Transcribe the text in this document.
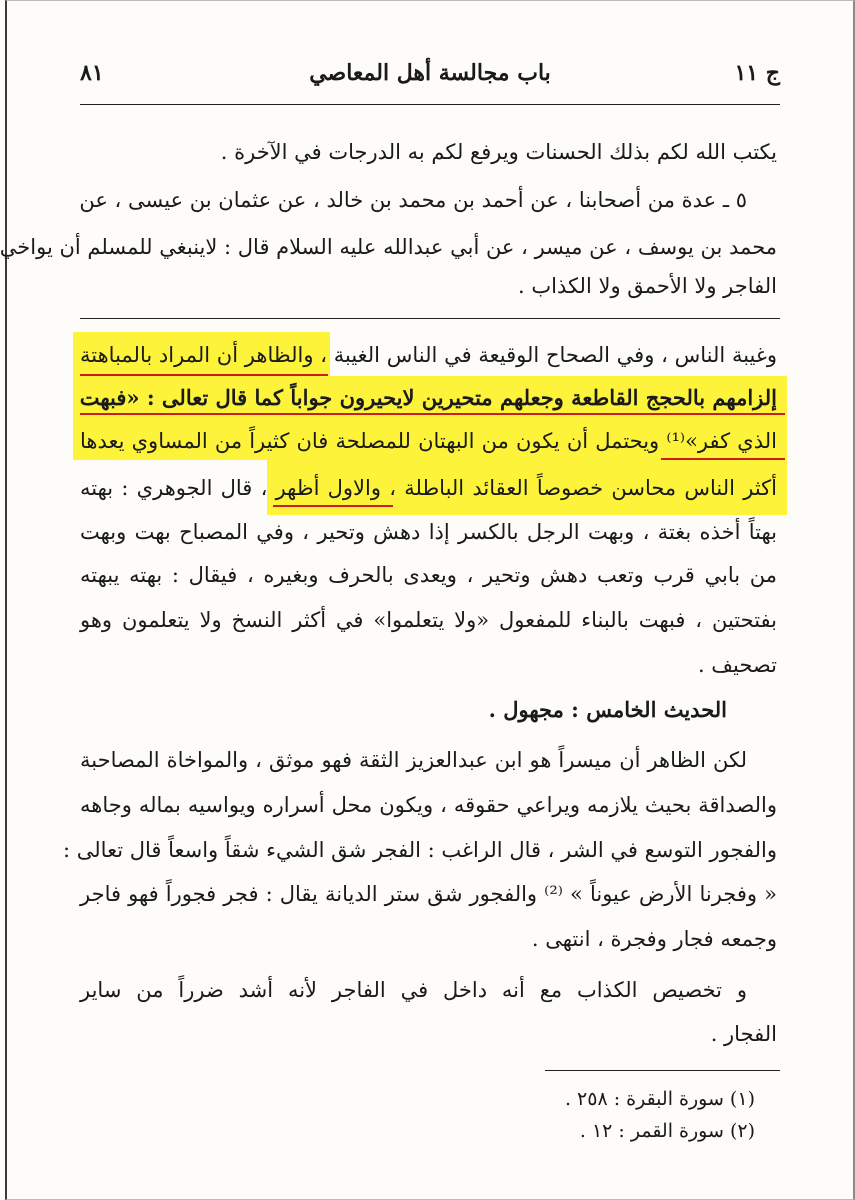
ج ١١
باب مجالسة أهل المعاصي
٨١
يكتب الله لكم بذلك الحسنات ويرفع لكم به الدرجات في الآخرة .
٥ ـ عدة من أصحابنا ، عن أحمد بن محمد بن خالد ، عن عثمان بن عيسى ، عن
محمد بن يوسف ، عن ميسر ، عن أبي عبدالله عليه السلام قال : لاينبغي للمسلم أن يواخي
الفاجر ولا الأحمق ولا الكذاب .
وغيبة الناس ، وفي الصحاح الوقيعة في الناس الغيبة ، والظاهر أن المراد بالمباهتة
إلزامهم بالحجج القاطعة وجعلهم متحيرين لايحيرون جواباً كما قال تعالى : «فبهت
الذي كفر»⁽¹⁾ ويحتمل أن يكون من البهتان للمصلحة فان كثيراً من المساوي يعدها
أكثر الناس محاسن خصوصاً العقائد الباطلة ، والاول أظهر ، قال الجوهري : بهته
بهتاً أخذه بغتة ، وبهت الرجل بالكسر إذا دهش وتحير ، وفي المصباح بهت وبهت
من بابي قرب وتعب دهش وتحير ، ويعدى بالحرف وبغيره ، فيقال : بهته يبهته
بفتحتين ، فبهت بالبناء للمفعول «ولا يتعلموا» في أكثر النسخ ولا يتعلمون وهو
تصحيف .
الحديث الخامس : مجهول .
لكن الظاهر أن ميسراً هو ابن عبدالعزيز الثقة فهو موثق ، والمواخاة المصاحبة
والصداقة بحيث يلازمه ويراعي حقوقه ، ويكون محل أسراره ويواسيه بماله وجاهه
والفجور التوسع في الشر ، قال الراغب : الفجر شق الشيء شقاً واسعاً قال تعالى :
« وفجرنا الأرض عيوناً » ⁽²⁾ والفجور شق ستر الديانة يقال : فجر فجوراً فهو فاجر
وجمعه فجار وفجرة ، انتهى .
و تخصيص الكذاب مع أنه داخل في الفاجر لأنه أشد ضرراً من ساير
الفجار .
(١) سورة البقرة : ٢٥٨ .
(٢) سورة القمر : ١٢ .
